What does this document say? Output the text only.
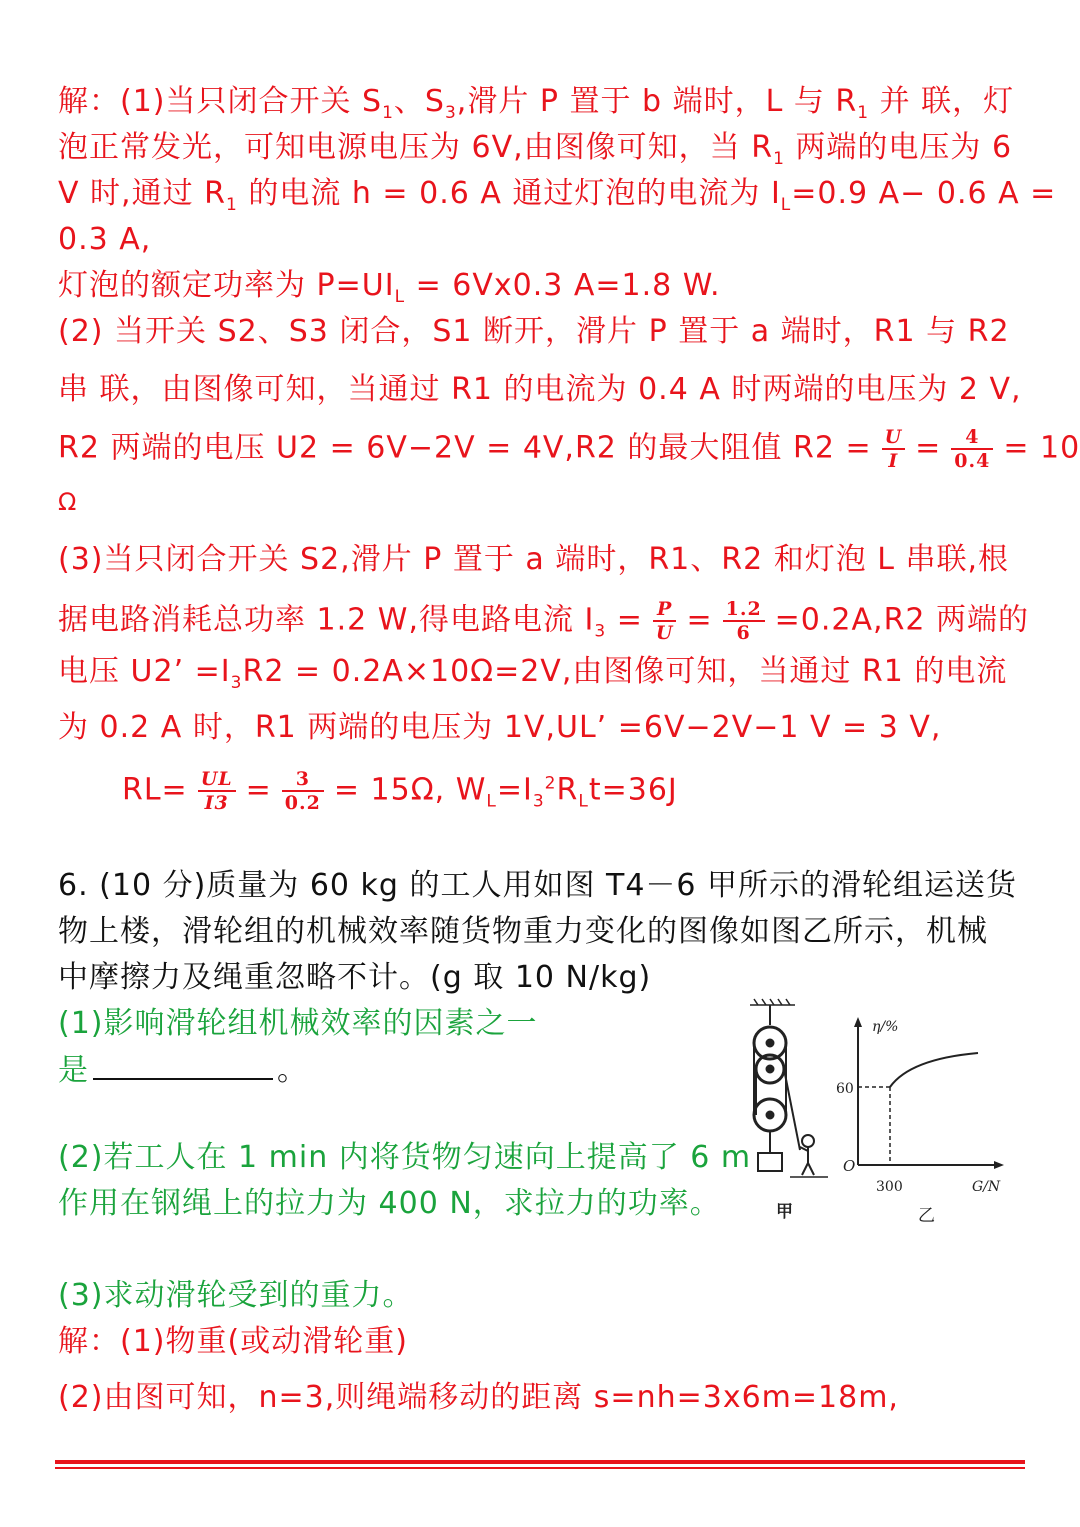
解：(1)当只闭合开关 $S_1$、$S_3$,滑片 P 置于 b 端时，L 与 $R_1$ 并 联，灯
泡正常发光，可知电源电压为 6V,由图像可知，当 $R_1$ 两端的电压为 6
V 时,通过 $R_1$ 的电流 h = 0.6 A 通过灯泡的电流为 $I_L=0.9$ A− 0.6 A =
0.3 A,
灯泡的额定功率为 $P=UI_L = 6Vx0.3$ A=1.8 W.
(2) 当开关 S2、S3 闭合，S1 断开，滑片 P 置于 a 端时，R1 与 R2
串 联，由图像可知，当通过 R1 的电流为 0.4 A 时两端的电压为 2 V,
R2 两端的电压 U2 = 6V−2V = 4V,R2 的最大阻值 $R2 = \frac{U}{I} = \frac{4}{0.4} = 10$
Ω
(3)当只闭合开关 S2,滑片 P 置于 a 端时，R1、R2 和灯泡 L 串联,根
据电路消耗总功率 1.2 W,得电路电流 $I_3 = \frac{P}{U} = \frac{1.2}{6} =0.2A,R2$ 两端的
电压 U2’ $=I_3R2 = 0.2A\times 10\Omega=2V$,由图像可知，当通过 R1 的电流
为 0.2 A 时，R1 两端的电压为 1V,UL’ =6V−2V−1 V = 3 V,
$RL= \frac{UL}{I3} = \frac{3}{0.2} = 15\Omega$, $W_L=I_3^2R_Lt=36J$
6. (10 分)质量为 60 kg 的工人用如图 T4－6 甲所示的滑轮组运送货
物上楼，滑轮组的机械效率随货物重力变化的图像如图乙所示，机械
中摩擦力及绳重忽略不计。(g 取 10 N/kg)
(1)影响滑轮组机械效率的因素之一
是	。
(2)若工人在 1 min 内将货物匀速向上提高了 6 m
作用在钢绳上的拉力为 400 N，求拉力的功率。
(3)求动滑轮受到的重力。
解：(1)物重(或动滑轮重)
(2)由图可知，n=3,则绳端移动的距离 s=nh=3x6m=18m,
甲
η/%
G/N
O
60
300
乙
